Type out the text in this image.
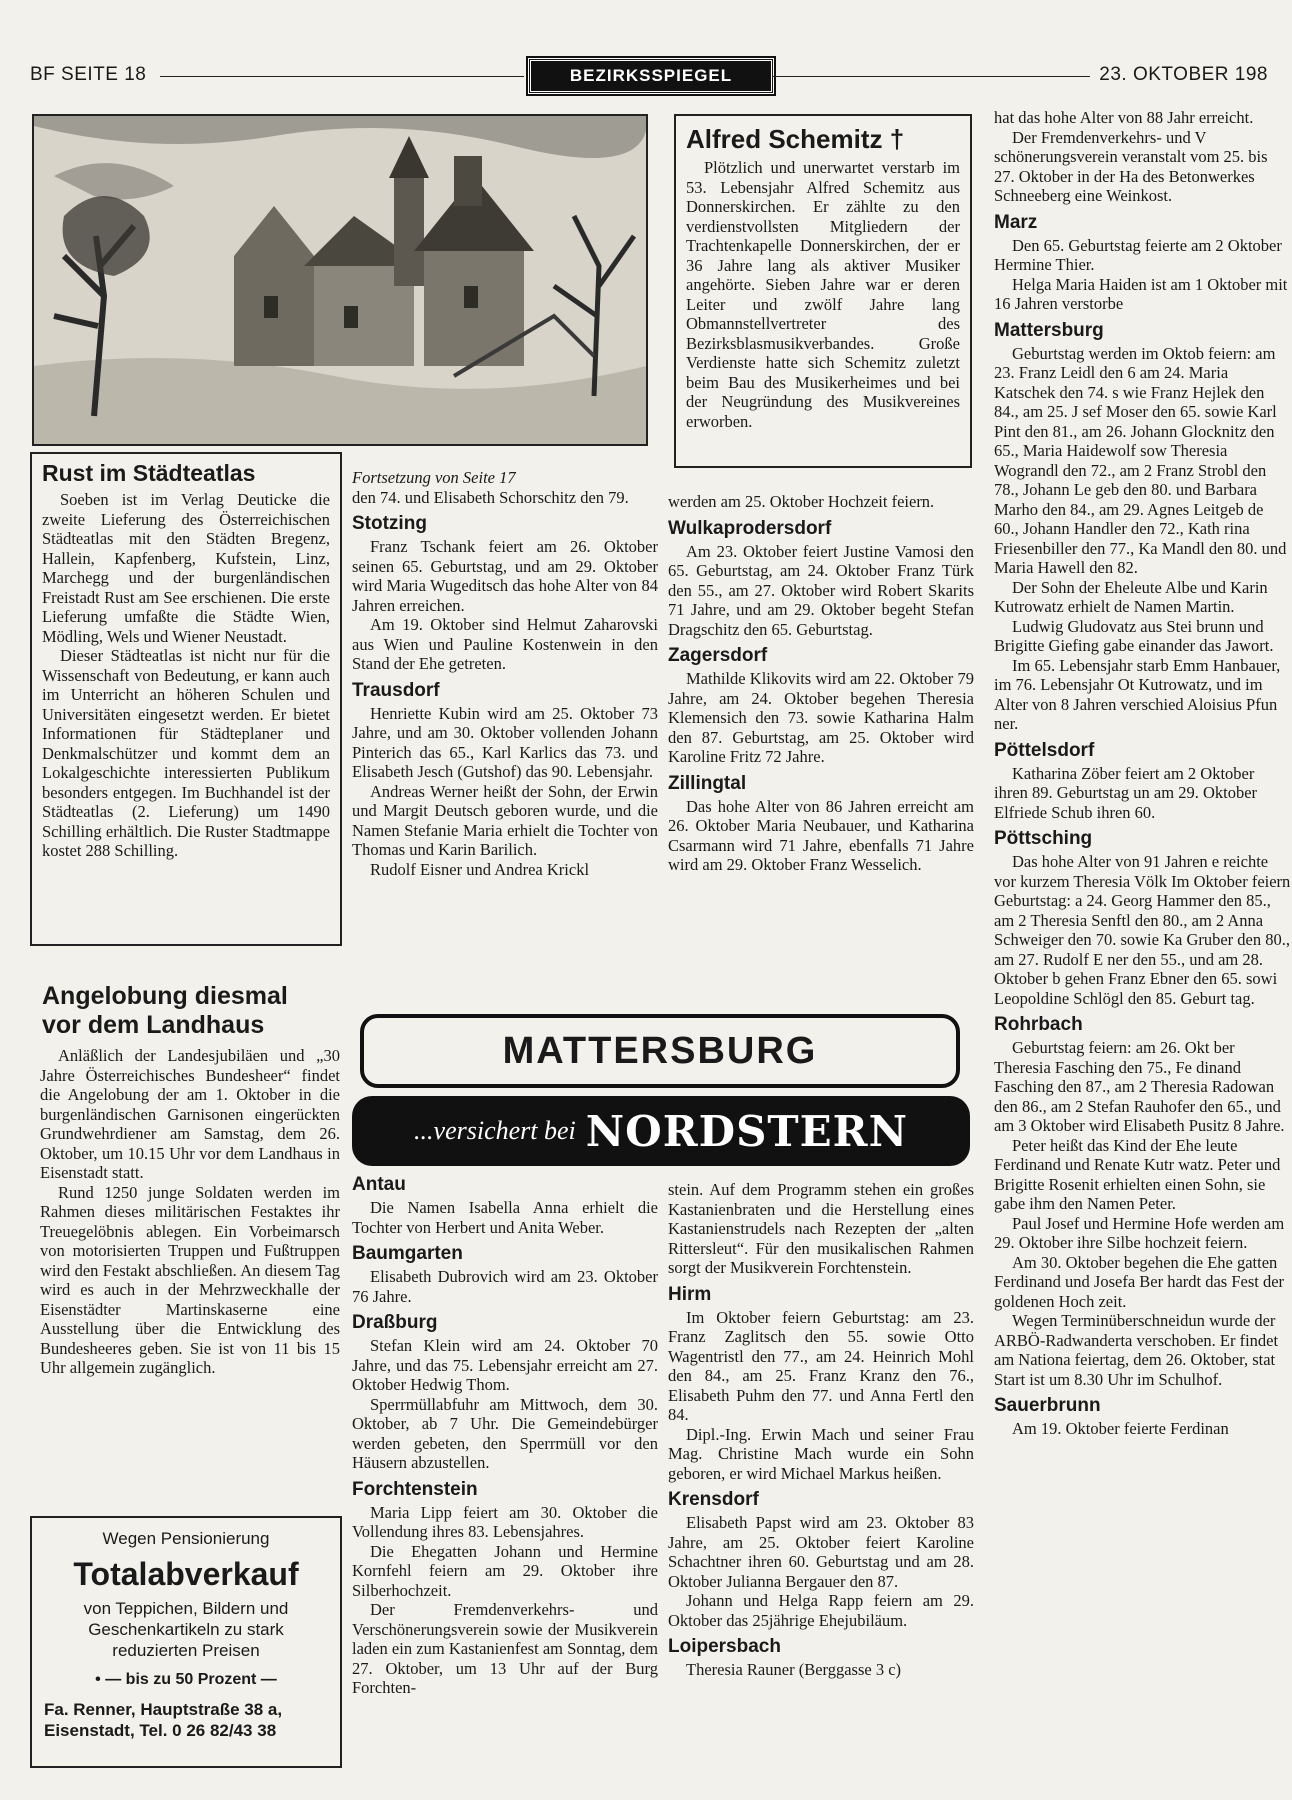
BF SEITE 18	BEZIRKSSPIEGEL	23. OKTOBER 198
Rust im Städteatlas

Soeben ist im Verlag Deuticke die zweite Lieferung des Österreichischen Städteatlas mit den Städten Bregenz, Hallein, Kapfenberg, Kufstein, Linz, Marchegg und der burgenländischen Freistadt Rust am See erschienen. Die erste Lieferung umfaßte die Städte Wien, Mödling, Wels und Wiener Neustadt.

Dieser Städteatlas ist nicht nur für die Wissenschaft von Bedeutung, er kann auch im Unterricht an höheren Schulen und Universitäten eingesetzt werden. Er bietet Informationen für Städteplaner und Denkmalschützer und kommt dem an Lokalgeschichte interessierten Publikum besonders entgegen. Im Buchhandel ist der Städteatlas (2. Lieferung) um 1490 Schilling erhältlich. Die Ruster Stadtmappe kostet 288 Schilling.

Angelobung diesmal vor dem Landhaus

Anläßlich der Landesjubiläen und „30 Jahre Österreichisches Bundesheer“ findet die Angelobung der am 1. Oktober in die burgenländischen Garnisonen eingerückten Grundwehrdiener am Samstag, dem 26. Oktober, um 10.15 Uhr vor dem Landhaus in Eisenstadt statt.

Rund 1250 junge Soldaten werden im Rahmen dieses militärischen Festaktes ihr Treuegelöbnis ablegen. Ein Vorbeimarsch von motorisierten Truppen und Fußtruppen wird den Festakt abschließen. An diesem Tag wird es auch in der Mehrzweckhalle der Eisenstädter Martinskaserne eine Ausstellung über die Entwicklung des Bundesheeres geben. Sie ist von 11 bis 15 Uhr allgemein zugänglich.

Wegen Pensionierung
Totalabverkauf
von Teppichen, Bildern und Geschenkartikeln zu stark reduzierten Preisen
• — bis zu 50 Prozent —
Fa. Renner, Hauptstraße 38 a,
Eisenstadt, Tel. 0 26 82/43 38
Alfred Schemitz †

Plötzlich und unerwartet verstarb im 53. Lebensjahr Alfred Schemitz aus Donnerskirchen. Er zählte zu den verdienstvollsten Mitgliedern der Trachtenkapelle Donnerskirchen, der er 36 Jahre lang als aktiver Musiker angehörte. Sieben Jahre war er deren Leiter und zwölf Jahre lang Obmannstellvertreter des Bezirksblasmusikverbandes. Große Verdienste hatte sich Schemitz zuletzt beim Bau des Musikerheimes und bei der Neugründung des Musikvereines erworben.

Fortsetzung von Seite 17

den 74. und Elisabeth Schorschitz den 79.

Stotzing

Franz Tschank feiert am 26. Oktober seinen 65. Geburtstag, und am 29. Oktober wird Maria Wugeditsch das hohe Alter von 84 Jahren erreichen.

Am 19. Oktober sind Helmut Zaharovski aus Wien und Pauline Kostenwein in den Stand der Ehe getreten.

Trausdorf

Henriette Kubin wird am 25. Oktober 73 Jahre, und am 30. Oktober vollenden Johann Pinterich das 65., Karl Karlics das 73. und Elisabeth Jesch (Gutshof) das 90. Lebensjahr.

Andreas Werner heißt der Sohn, der Erwin und Margit Deutsch geboren wurde, und die Namen Stefanie Maria erhielt die Tochter von Thomas und Karin Barilich.

Rudolf Eisner und Andrea Krickl

werden am 25. Oktober Hochzeit feiern.

Wulkaprodersdorf

Am 23. Oktober feiert Justine Vamosi den 65. Geburtstag, am 24. Oktober Franz Türk den 55., am 27. Oktober wird Robert Skarits 71 Jahre, und am 29. Oktober begeht Stefan Dragschitz den 65. Geburtstag.

Zagersdorf

Mathilde Klikovits wird am 22. Oktober 79 Jahre, am 24. Oktober begehen Theresia Klemensich den 73. sowie Katharina Halm den 87. Geburtstag, am 25. Oktober wird Karoline Fritz 72 Jahre.

Zillingtal

Das hohe Alter von 86 Jahren erreicht am 26. Oktober Maria Neubauer, und Katharina Csarmann wird 71 Jahre, ebenfalls 71 Jahre wird am 29. Oktober Franz Wesselich.

MATTERSBURG
...versichert bei NORDSTERN
Antau

Die Namen Isabella Anna erhielt die Tochter von Herbert und Anita Weber.

Baumgarten

Elisabeth Dubrovich wird am 23. Oktober 76 Jahre.

Draßburg

Stefan Klein wird am 24. Oktober 70 Jahre, und das 75. Lebensjahr erreicht am 27. Oktober Hedwig Thom.

Sperrmüllabfuhr am Mittwoch, dem 30. Oktober, ab 7 Uhr. Die Gemeindebürger werden gebeten, den Sperrmüll vor den Häusern abzustellen.

Forchtenstein

Maria Lipp feiert am 30. Oktober die Vollendung ihres 83. Lebensjahres.

Die Ehegatten Johann und Hermine Kornfehl feiern am 29. Oktober ihre Silberhochzeit.

Der Fremdenverkehrs- und Verschönerungsverein sowie der Musikverein laden ein zum Kastanienfest am Sonntag, dem 27. Oktober, um 13 Uhr auf der Burg Forchten-

stein. Auf dem Programm stehen ein großes Kastanienbraten und die Herstellung eines Kastanienstrudels nach Rezepten der „alten Rittersleut“. Für den musikalischen Rahmen sorgt der Musikverein Forchtenstein.

Hirm

Im Oktober feiern Geburtstag: am 23. Franz Zaglitsch den 55. sowie Otto Wagentristl den 77., am 24. Heinrich Mohl den 84., am 25. Franz Kranz den 76., Elisabeth Puhm den 77. und Anna Fertl den 84.

Dipl.-Ing. Erwin Mach und seiner Frau Mag. Christine Mach wurde ein Sohn geboren, er wird Michael Markus heißen.

Krensdorf

Elisabeth Papst wird am 23. Oktober 83 Jahre, am 25. Oktober feiert Karoline Schachtner ihren 60. Geburtstag und am 28. Oktober Julianna Bergauer den 87.

Johann und Helga Rapp feiern am 29. Oktober das 25jährige Ehejubiläum.

Loipersbach

Theresia Rauner (Berggasse 3 c)

hat das hohe Alter von 88 Jahr erreicht.

Der Fremdenverkehrs- und V schönerungsverein veranstalt vom 25. bis 27. Oktober in der Ha des Betonwerkes Schneeberg eine Weinkost.

Marz

Den 65. Geburtstag feierte am 2 Oktober Hermine Thier.

Helga Maria Haiden ist am 1 Oktober mit 16 Jahren verstorbe

Mattersburg

Geburtstag werden im Oktob feiern: am 23. Franz Leidl den 6 am 24. Maria Katschek den 74. s wie Franz Hejlek den 84., am 25. J sef Moser den 65. sowie Karl Pint den 81., am 26. Johann Glocknitz den 65., Maria Haidewolf sow Theresia Wograndl den 72., am 2 Franz Strobl den 78., Johann Le geb den 80. und Barbara Marho den 84., am 29. Agnes Leitgeb de 60., Johann Handler den 72., Kath rina Friesenbiller den 77., Ka Mandl den 80. und Maria Hawell den 82.

Der Sohn der Eheleute Albe und Karin Kutrowatz erhielt de Namen Martin.

Ludwig Gludovatz aus Stei brunn und Brigitte Giefing gabe einander das Jawort.

Im 65. Lebensjahr starb Emm Hanbauer, im 76. Lebensjahr Ot Kutrowatz, und im Alter von 8 Jahren verschied Aloisius Pfun ner.

Pöttelsdorf

Katharina Zöber feiert am 2 Oktober ihren 89. Geburtstag un am 29. Oktober Elfriede Schub ihren 60.

Pöttsching

Das hohe Alter von 91 Jahren e reichte vor kurzem Theresia Völk Im Oktober feiern Geburtstag: a 24. Georg Hammer den 85., am 2 Theresia Senftl den 80., am 2 Anna Schweiger den 70. sowie Ka Gruber den 80., am 27. Rudolf E ner den 55., und am 28. Oktober b gehen Franz Ebner den 65. sowi Leopoldine Schlögl den 85. Geburt tag.

Rohrbach

Geburtstag feiern: am 26. Okt ber Theresia Fasching den 75., Fe dinand Fasching den 87., am 2 Theresia Radowan den 86., am 2 Stefan Rauhofer den 65., und am 3 Oktober wird Elisabeth Pusitz 8 Jahre.

Peter heißt das Kind der Ehe leute Ferdinand und Renate Kutr watz. Peter und Brigitte Rosenit erhielten einen Sohn, sie gabe ihm den Namen Peter.

Paul Josef und Hermine Hofe werden am 29. Oktober ihre Silbe hochzeit feiern.

Am 30. Oktober begehen die Ehe gatten Ferdinand und Josefa Ber hardt das Fest der goldenen Hoch zeit.

Wegen Terminüberschneidun wurde der ARBÖ-Radwanderta verschoben. Er findet am Nationa feiertag, dem 26. Oktober, stat Start ist um 8.30 Uhr im Schulhof.

Sauerbrunn

Am 19. Oktober feierte Ferdinan
